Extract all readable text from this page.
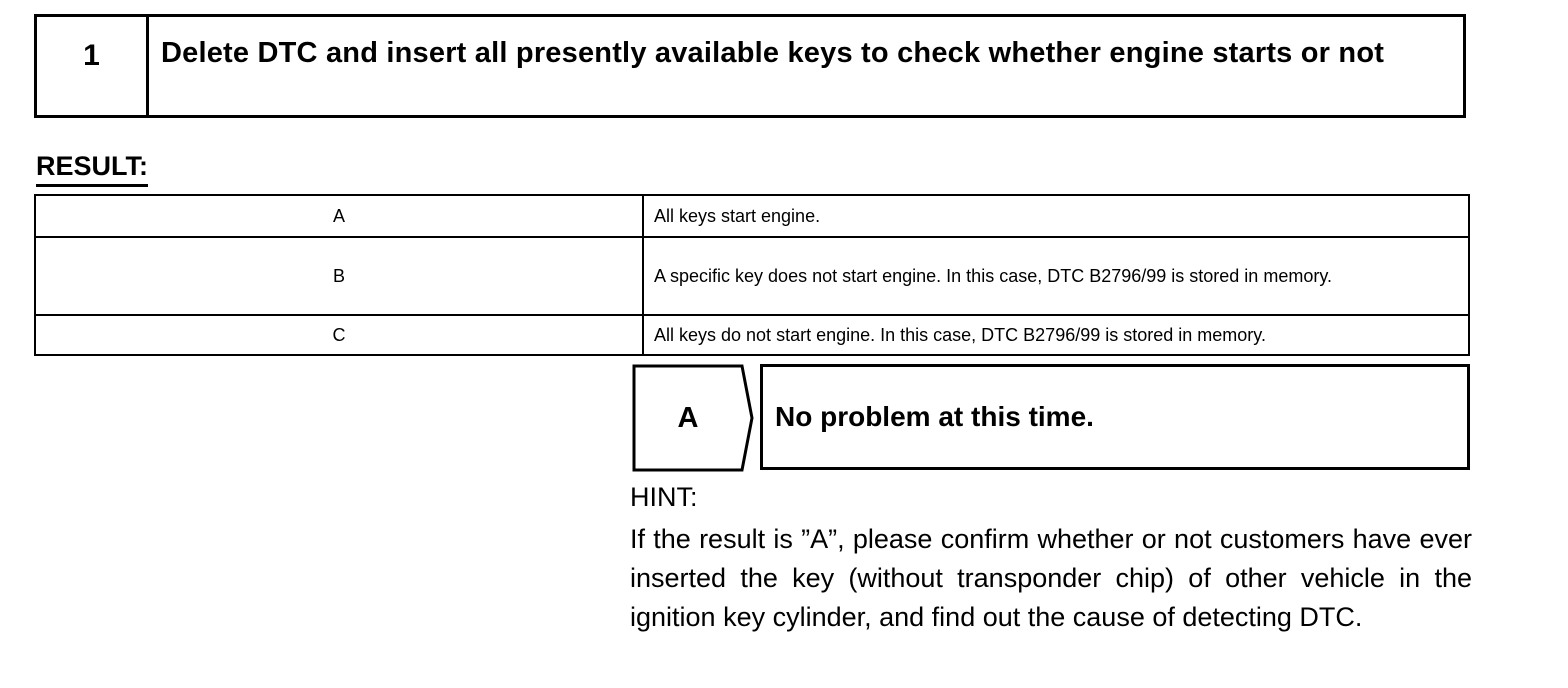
1	Delete DTC and insert all presently available keys to check whether engine starts or not
RESULT:
A	All keys start engine.
B	A specific key does not start engine. In this case, DTC B2796/99 is stored in memory.
C	All keys do not start engine. In this case, DTC B2796/99 is stored in memory.
A	No problem at this time.
HINT:
If the result is ”A”, please confirm whether or not customers have ever inserted the key (without transponder chip) of other vehicle in the ignition key cylinder, and find out the cause of detecting DTC.
